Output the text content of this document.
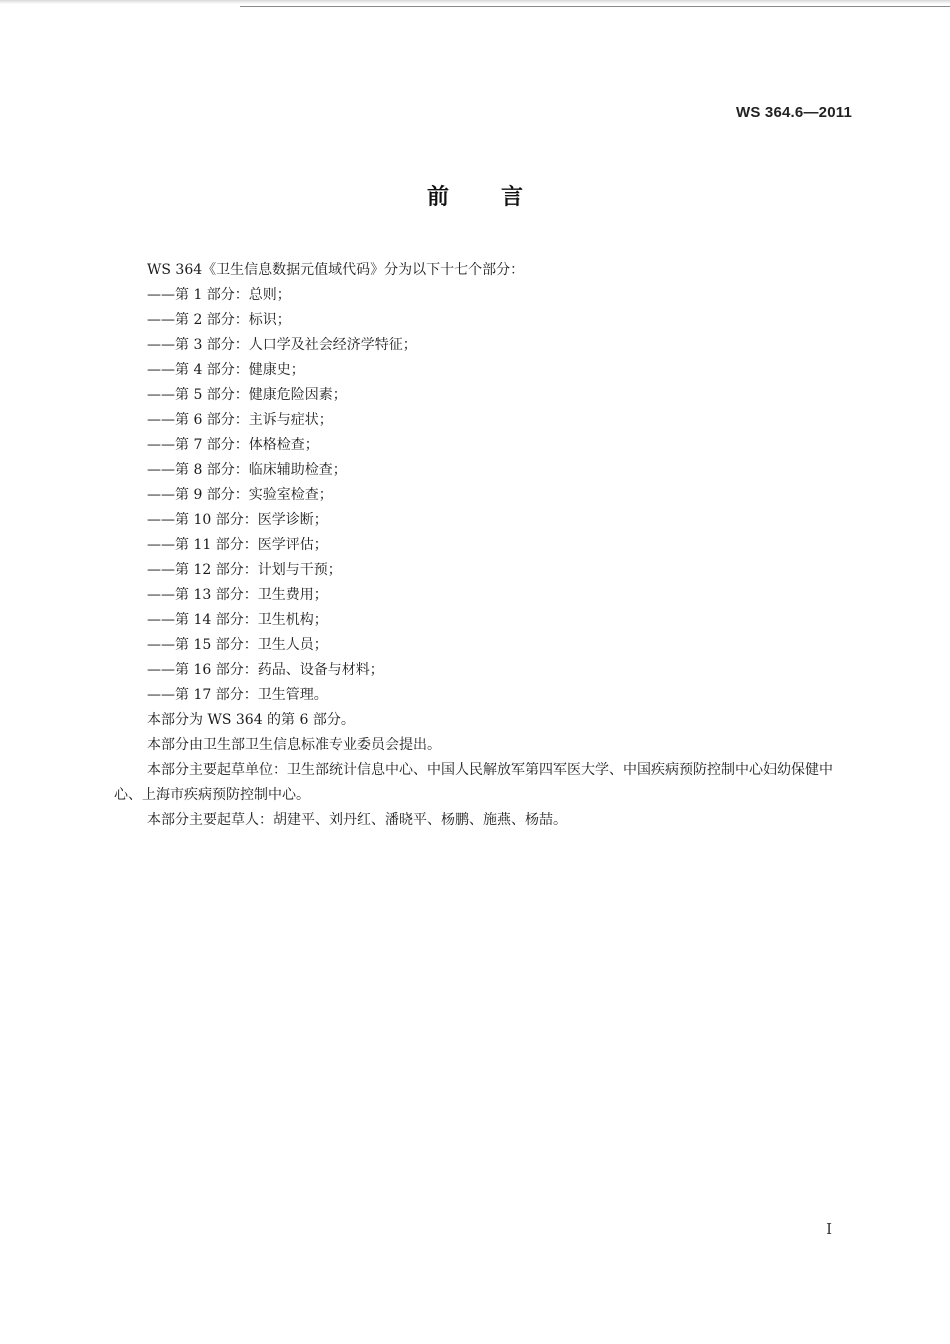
WS 364.6—2011
前言

WS 364《卫生信息数据元值域代码》分为以下十七个部分：

——第 1 部分：总则；
——第 2 部分：标识；
——第 3 部分：人口学及社会经济学特征；
——第 4 部分：健康史；
——第 5 部分：健康危险因素；
——第 6 部分：主诉与症状；
——第 7 部分：体格检查；
——第 8 部分：临床辅助检查；
——第 9 部分：实验室检查；
——第 10 部分：医学诊断；
——第 11 部分：医学评估；
——第 12 部分：计划与干预；
——第 13 部分：卫生费用；
——第 14 部分：卫生机构；
——第 15 部分：卫生人员；
——第 16 部分：药品、设备与材料；
——第 17 部分：卫生管理。

本部分为 WS 364 的第 6 部分。

本部分由卫生部卫生信息标准专业委员会提出。

本部分主要起草单位：卫生部统计信息中心、中国人民解放军第四军医大学、中国疾病预防控制中心妇幼保健中心、上海市疾病预防控制中心。

本部分主要起草人：胡建平、刘丹红、潘晓平、杨鹏、施燕、杨喆。

I
